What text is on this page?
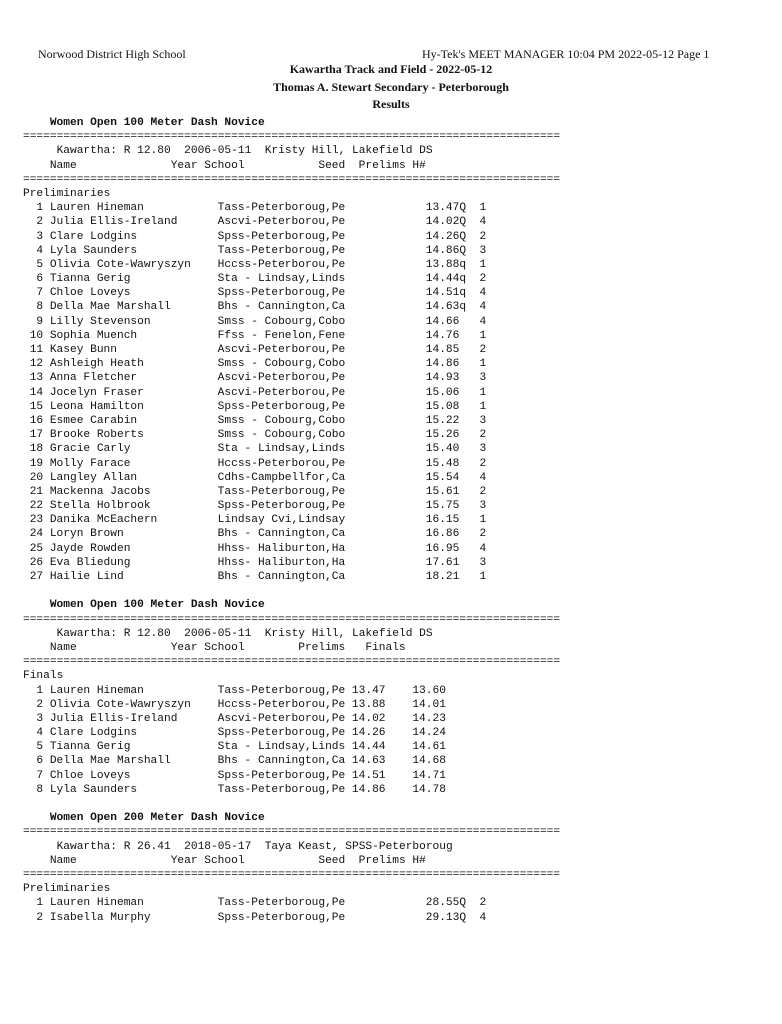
Norwood District High School	Hy-Tek's MEET MANAGER 10:04 PM 2022-05-12 Page 1
Kawartha Track and Field - 2022-05-12
Thomas A. Stewart Secondary - Peterborough
Results
Women Open 100 Meter Dash Novice
================================================================================
Kawartha: R 12.80  2006-05-11  Kristy Hill, Lakefield DS
Name	Year School	Seed Prelims H#
================================================================================
Preliminaries
1 Lauren Hineman	Tass-Peterboroug,Pe	13.47Q 1
2 Julia Ellis-Ireland	Ascvi-Peterborou,Pe	14.02Q 4
3 Clare Lodgins	Spss-Peterboroug,Pe	14.26Q 2
4 Lyla Saunders	Tass-Peterboroug,Pe	14.86Q 3
5 Olivia Cote-Wawryszyn Hccss-Peterborou,Pe	13.88q 1
6 Tianna Gerig	Sta - Lindsay,Linds	14.44q 2
7 Chloe Loveys	Spss-Peterboroug,Pe	14.51q 4
8 Della Mae Marshall	Bhs - Cannington,Ca	14.63q 4
9 Lilly Stevenson	Smss - Cobourg,Cobo	14.66 4
10 Sophia Muench	Ffss - Fenelon,Fene	14.76 1
11 Kasey Bunn	Ascvi-Peterborou,Pe	14.85 2
12 Ashleigh Heath	Smss - Cobourg,Cobo	14.86 1
13 Anna Fletcher	Ascvi-Peterborou,Pe	14.93 3
14 Jocelyn Fraser	Ascvi-Peterborou,Pe	15.06 1
15 Leona Hamilton	Spss-Peterboroug,Pe	15.08 1
16 Esmee Carabin	Smss - Cobourg,Cobo	15.22 3
17 Brooke Roberts	Smss - Cobourg,Cobo	15.26 2
18 Gracie Carly	Sta - Lindsay,Linds	15.40 3
19 Molly Farace	Hccss-Peterborou,Pe	15.48 2
20 Langley Allan	Cdhs-Campbellfor,Ca	15.54 4
21 Mackenna Jacobs	Tass-Peterboroug,Pe	15.61 2
22 Stella Holbrook	Spss-Peterboroug,Pe	15.75 3
23 Danika McEachern	Lindsay Cvi,Lindsay	16.15 1
24 Loryn Brown	Bhs - Cannington,Ca	16.86 2
25 Jayde Rowden	Hhss- Haliburton,Ha	16.95 4
26 Eva Bliedung	Hhss- Haliburton,Ha	17.61 3
27 Hailie Lind	Bhs - Cannington,Ca	18.21 1
Women Open 100 Meter Dash Novice
================================================================================
Kawartha: R 12.80  2006-05-11  Kristy Hill, Lakefield DS
Name	Year School	Prelims Finals
================================================================================
Finals
1 Lauren Hineman	Tass-Peterboroug,Pe 13.47 13.60
2 Olivia Cote-Wawryszyn Hccss-Peterborou,Pe 13.88 14.01
3 Julia Ellis-Ireland	Ascvi-Peterborou,Pe 14.02 14.23
4 Clare Lodgins	Spss-Peterboroug,Pe 14.26 14.24
5 Tianna Gerig	Sta - Lindsay,Linds 14.44 14.61
6 Della Mae Marshall	Bhs - Cannington,Ca 14.63 14.68
7 Chloe Loveys	Spss-Peterboroug,Pe 14.51 14.71
8 Lyla Saunders	Tass-Peterboroug,Pe 14.86 14.78
Women Open 200 Meter Dash Novice
================================================================================
Kawartha: R 26.41  2018-05-17  Taya Keast, SPSS-Peterboroug
Name	Year School	Seed Prelims H#
================================================================================
Preliminaries
1 Lauren Hineman	Tass-Peterboroug,Pe	28.55Q 2
2 Isabella Murphy	Spss-Peterboroug,Pe	29.13Q 4
